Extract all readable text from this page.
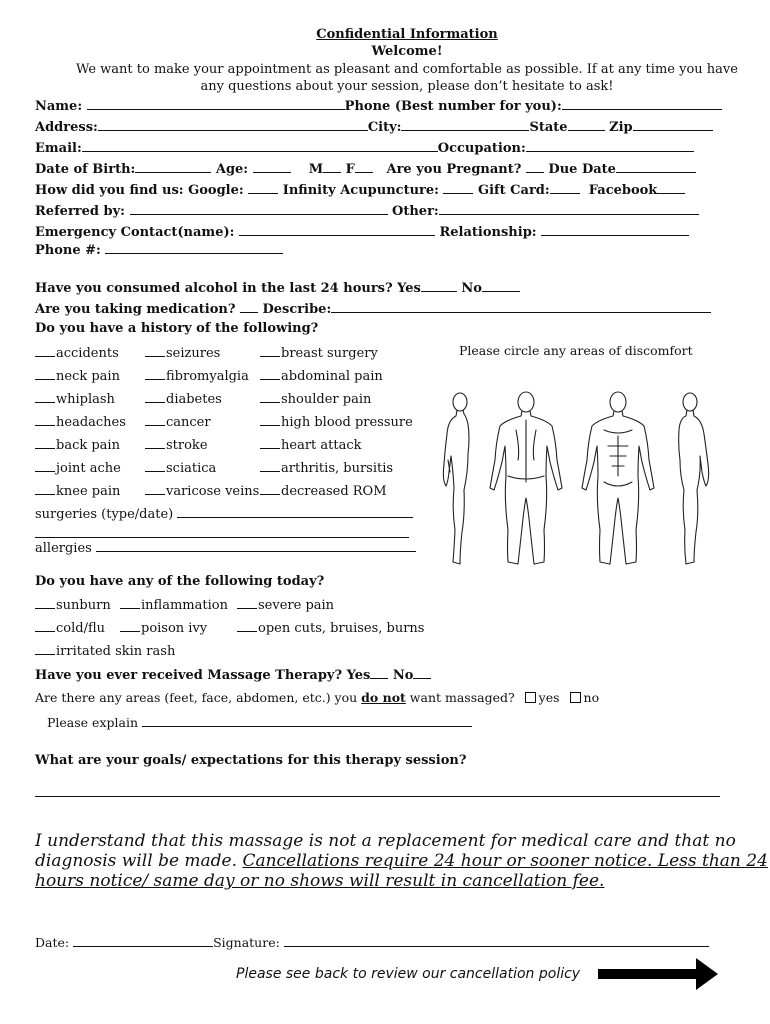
Confidential Information
Welcome!
We want to make your appointment as pleasant and comfortable as possible. If at any time you have
any questions about your session, please don’t hesitate to ask!
Name:	Phone (Best number for you):
Address:	City:	State	Zip
Email:	Occupation:
Date of Birth:	Age:	M F Are you Pregnant? Due Date
How did you find us: Google:	Infinity Acupuncture:	Gift Card:	Facebook
Referred by:	Other:
Emergency Contact(name):	Relationship:
Phone #:
Have you consumed alcohol in the last 24 hours? Yes	No
Are you taking medication? Describe:
Do you have a history of the following?
accidents	seizures	breast surgery
neck pain	fibromyalgia	abdominal pain
whiplash	diabetes	shoulder pain
headaches	cancer	high blood pressure
back pain	stroke	heart attack
joint ache	sciatica	arthritis, bursitis
knee pain	varicose veins	decreased ROM
Please circle any areas of discomfort
surgeries (type/date)
allergies
Do you have any of the following today?
sunburn	inflammation	severe pain
cold/flu	poison ivy	open cuts, bruises, burns
irritated skin rash
Have you ever received Massage Therapy? Yes No
Are there any areas (feet, face, abdomen, etc.) you do not want massaged? yes no
Please explain
What are your goals/ expectations for this therapy session?
I understand that this massage is not a replacement for medical care and that no
diagnosis will be made. Cancellations require 24 hour or sooner notice. Less than 24
hours notice/ same day or no shows will result in cancellation fee.
Date:	Signature:
Please see back to review our cancellation policy
